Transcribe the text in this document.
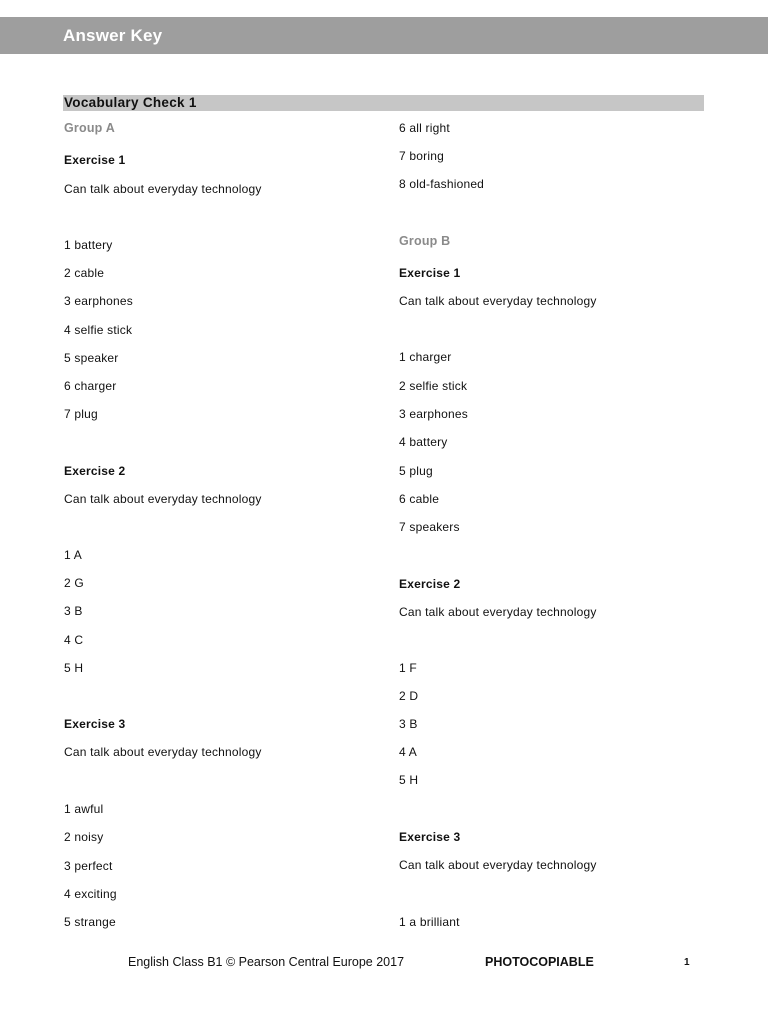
Answer Key
Vocabulary Check 1
Group A
Exercise 1
Can talk about everyday technology
1 battery
2 cable
3 earphones
4 selfie stick
5 speaker
6 charger
7 plug
Exercise 2
Can talk about everyday technology
1 A
2 G
3 B
4 C
5 H
Exercise 3
Can talk about everyday technology
1 awful
2 noisy
3 perfect
4 exciting
5 strange
6 all right
7 boring
8 old-fashioned
Group B
Exercise 1
Can talk about everyday technology
1 charger
2 selfie stick
3 earphones
4 battery
5 plug
6 cable
7 speakers
Exercise 2
Can talk about everyday technology
1 F
2 D
3 B
4 A
5 H
Exercise 3
Can talk about everyday technology
1 a brilliant
English Class B1 © Pearson Central Europe 2017	PHOTOCOPIABLE	1
